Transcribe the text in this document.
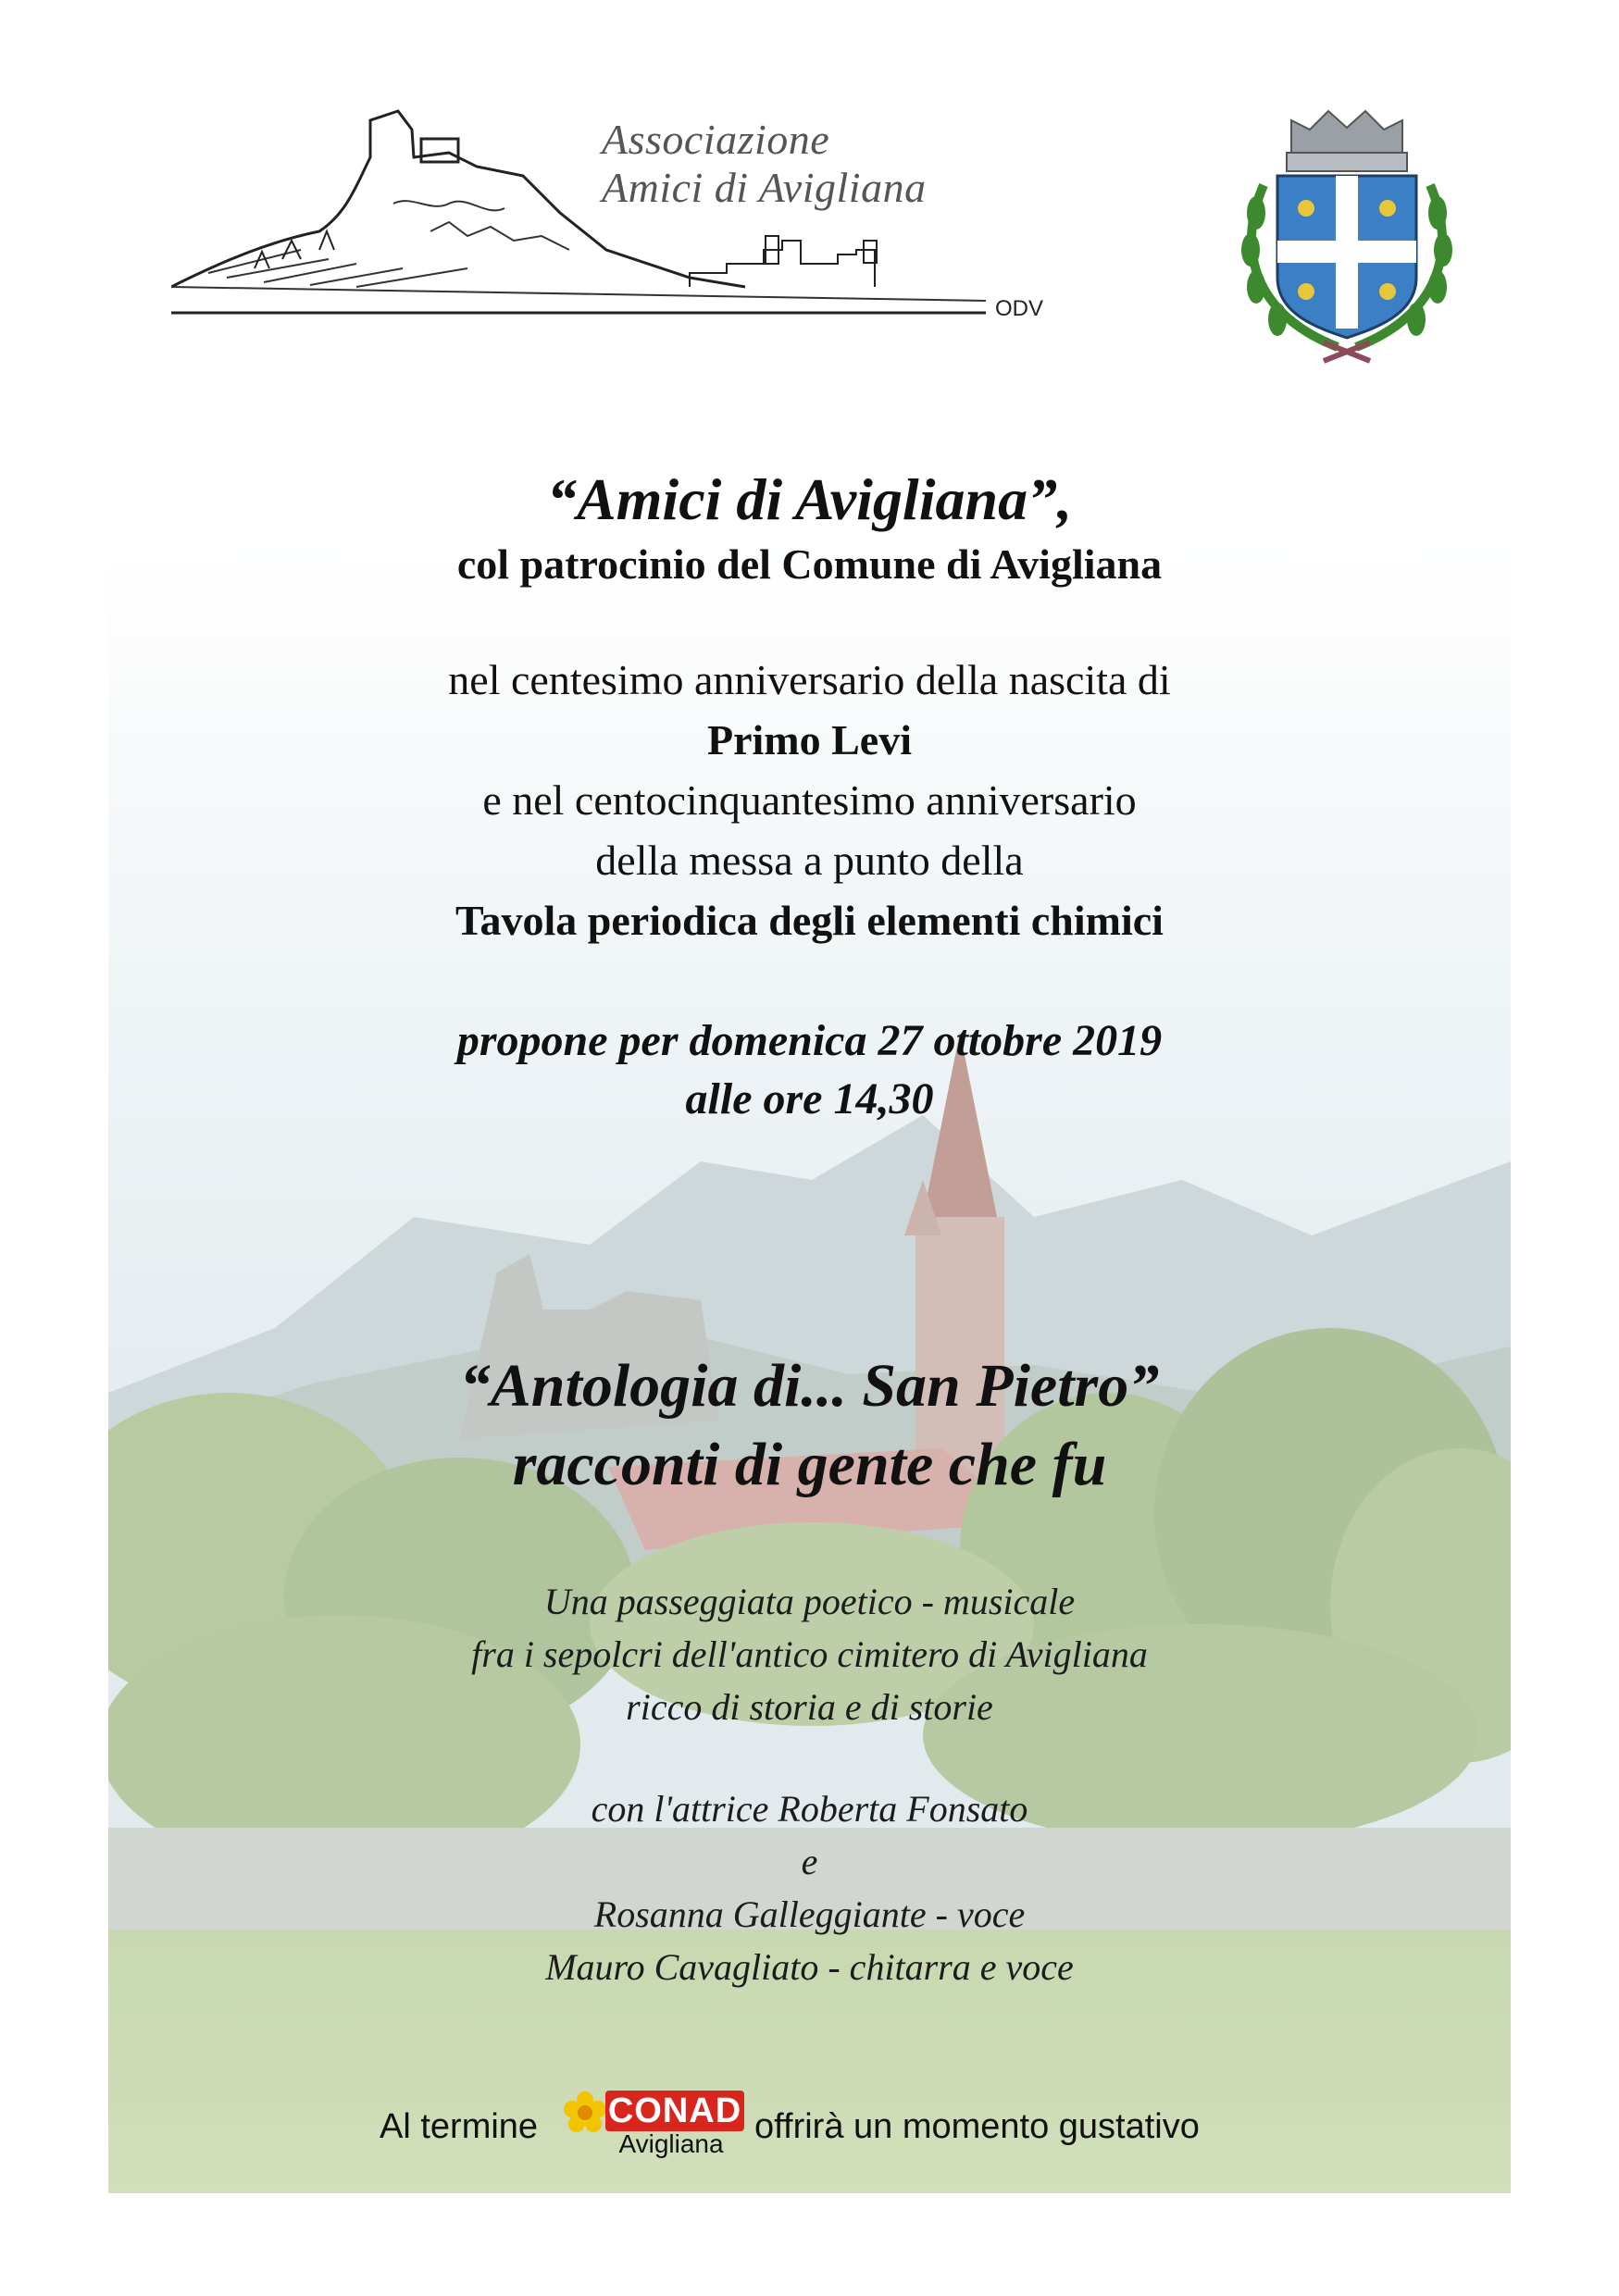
Associazione
Amici di Avigliana
ODV
“Amici di Avigliana”,
col patrocinio del Comune di Avigliana
nel centesimo anniversario della nascita di
Primo Levi
e nel centocinquantesimo anniversario
della messa a punto della
Tavola periodica degli elementi chimici
propone per domenica 27 ottobre 2019
alle ore 14,30
“Antologia di... San Pietro”
racconti di gente che fu
Una passeggiata poetico - musicale
fra i sepolcri dell'antico cimitero di Avigliana
ricco di storia e di storie
con l'attrice Roberta Fonsato
e
Rosanna Galleggiante - voce
Mauro Cavagliato - chitarra e voce
Al termine CONAD
Avigliana offrirà un momento gustativo
